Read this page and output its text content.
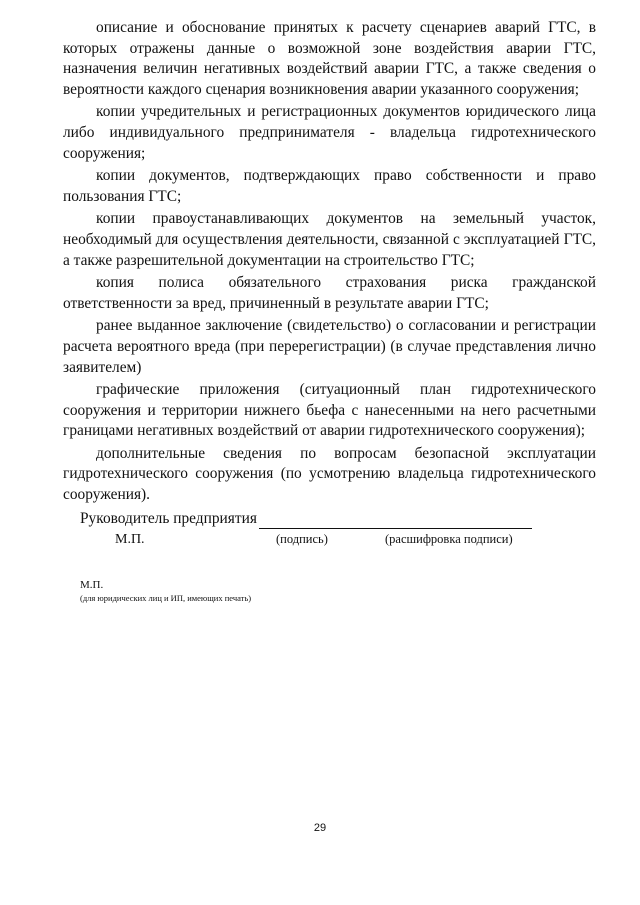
описание и обоснование принятых к расчету сценариев аварий ГТС, в которых отражены данные о возможной зоне воздействия аварии ГТС, назначения величин негативных воздействий аварии ГТС, а также сведения о вероятности каждого сценария возникновения аварии указанного сооружения;

копии учредительных и регистрационных документов юридического лица либо индивидуального предпринимателя - владельца гидротехнического сооружения;

копии документов, подтверждающих право собственности и право пользования ГТС;

копии правоустанавливающих документов на земельный участок, необходимый для осуществления деятельности, связанной с эксплуатацией ГТС, а также разрешительной документации на строительство ГТС;

копия полиса обязательного страхования риска гражданской ответственности за вред, причиненный в результате аварии ГТС;

ранее выданное заключение (свидетельство) о согласовании и регистрации расчета вероятного вреда (при перерегистрации) (в случае представления лично заявителем)

графические приложения (ситуационный план гидротехнического сооружения и территории нижнего бьефа с нанесенными на него расчетными границами негативных воздействий от аварии гидротехнического сооружения);

дополнительные сведения по вопросам безопасной эксплуатации гидротехнического сооружения (по усмотрению владельца гидротехнического сооружения).

Руководитель предприятия
М.П.	(подпись)	(расшифровка подписи)
М.П.
(для юридических лиц и ИП, имеющих печать)
29
